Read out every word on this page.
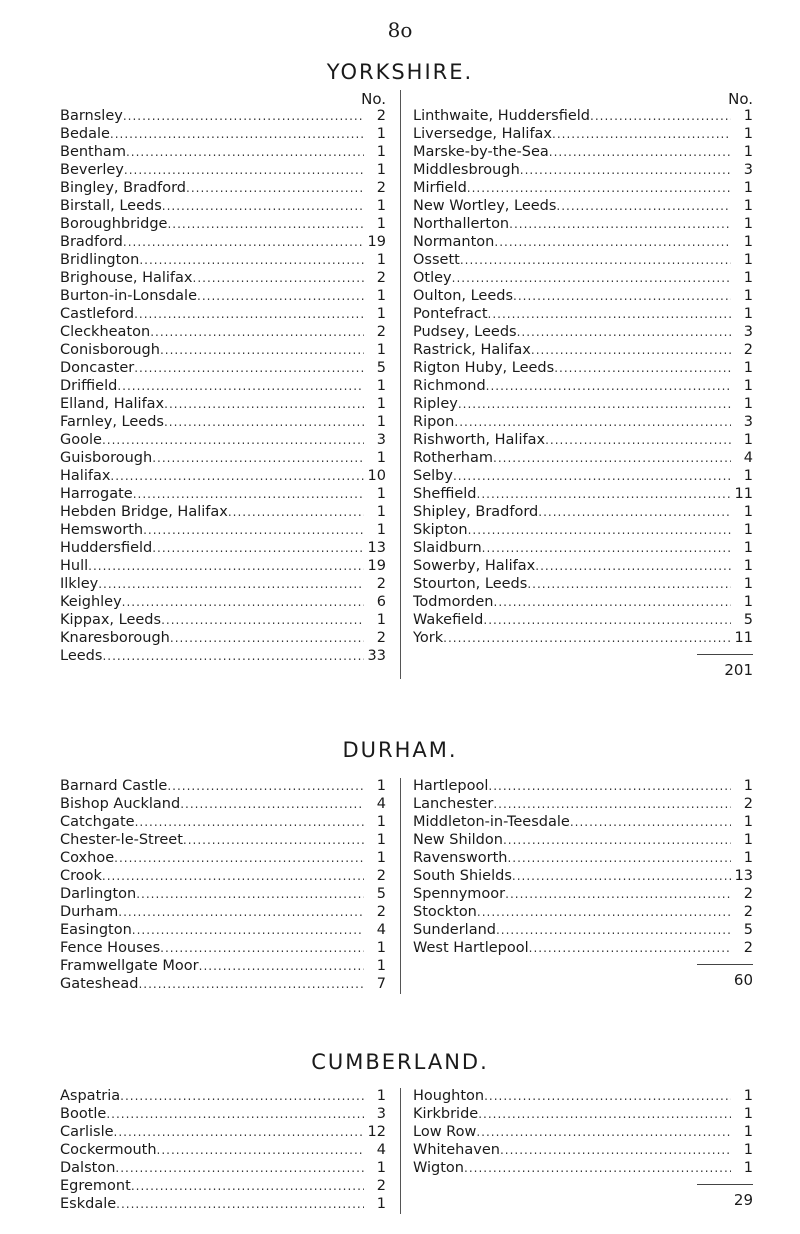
8o
YORKSHIRE.
No.
Barnsley .....	2
Bedale .....	1
Bentham .....	1
Beverley .....	1
Bingley, Bradford .....	2
Birstall, Leeds .....	1
Boroughbridge .....	1
Bradford .....	19
Bridlington .....	1
Brighouse, Halifax .....	2
Burton-in-Lonsdale .....	1
Castleford .....	1
Cleckheaton .....	2
Conisborough .....	1
Doncaster .....	5
Driffield .....	1
Elland, Halifax .....	1
Farnley, Leeds .....	1
Goole .....	3
Guisborough .....	1
Halifax .....	10
Harrogate .....	1
Hebden Bridge, Halifax .....	1
Hemsworth .....	1
Huddersfield .....	13
Hull .....	19
Ilkley .....	2
Keighley .....	6
Kippax, Leeds .....	1
Knaresborough .....	2
Leeds .....	33
No.
Linthwaite, Huddersfield .....	1
Liversedge, Halifax .....	1
Marske-by-the-Sea .....	1
Middlesbrough .....	3
Mirfield .....	1
New Wortley, Leeds .....	1
Northallerton .....	1
Normanton .....	1
Ossett .....	1
Otley .....	1
Oulton, Leeds .....	1
Pontefract .....	1
Pudsey, Leeds .....	3
Rastrick, Halifax .....	2
Rigton Huby, Leeds .....	1
Richmond .....	1
Ripley .....	1
Ripon .....	3
Rishworth, Halifax .....	1
Rotherham .....	4
Selby .....	1
Sheffield .....	11
Shipley, Bradford .....	1
Skipton .....	1
Slaidburn .....	1
Sowerby, Halifax .....	1
Stourton, Leeds .....	1
Todmorden .....	1
Wakefield .....	5
York .....	11
201
DURHAM.
Barnard Castle .....	1
Bishop Auckland .....	4
Catchgate .....	1
Chester-le-Street .....	1
Coxhoe .....	1
Crook .....	2
Darlington .....	5
Durham .....	2
Easington .....	4
Fence Houses .....	1
Framwellgate Moor .....	1
Gateshead .....	7
Hartlepool .....	1
Lanchester .....	2
Middleton-in-Teesdale .....	1
New Shildon .....	1
Ravensworth .....	1
South Shields .....	13
Spennymoor .....	2
Stockton .....	2
Sunderland .....	5
West Hartlepool .....	2
60
CUMBERLAND.
Aspatria .....	1
Bootle .....	3
Carlisle .....	12
Cockermouth .....	4
Dalston .....	1
Egremont .....	2
Eskdale .....	1
Houghton .....	1
Kirkbride .....	1
Low Row .....	1
Whitehaven .....	1
Wigton .....	1
29
